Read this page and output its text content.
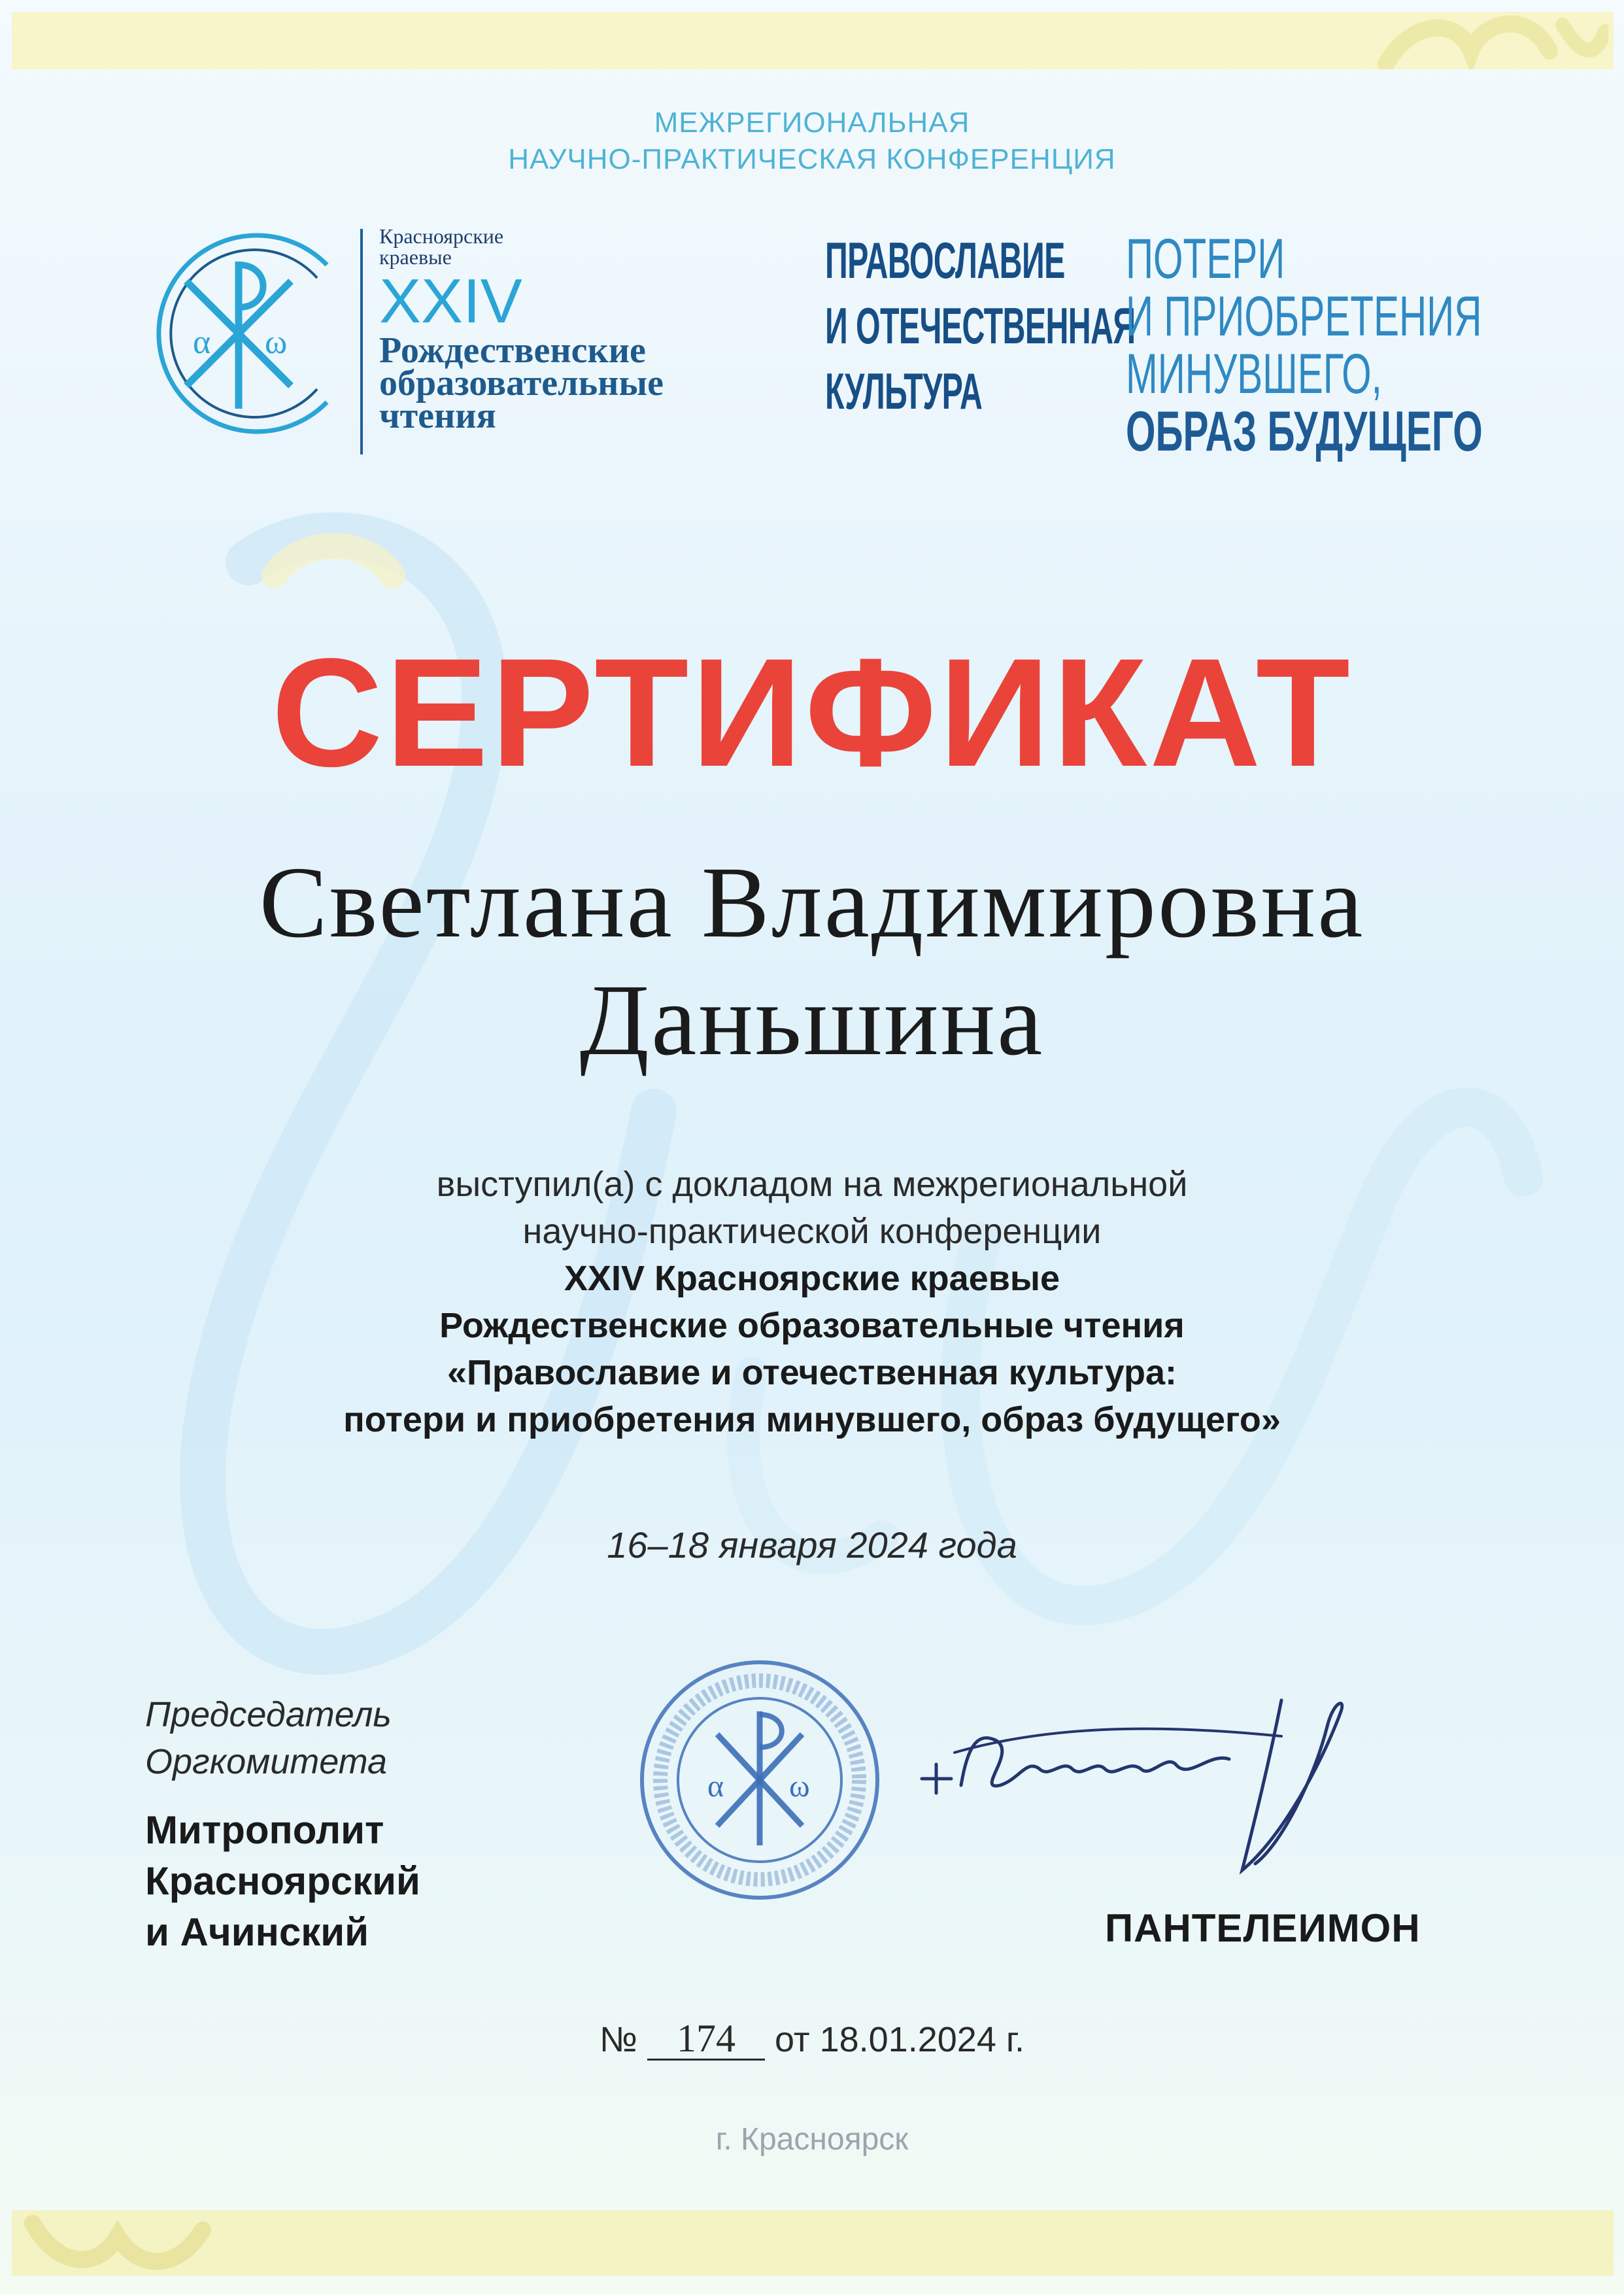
МЕЖРЕГИОНАЛЬНАЯ
НАУЧНО-ПРАКТИЧЕСКАЯ КОНФЕРЕНЦИЯ
α ω
Красноярские
краевые
XXIV
Рождественские
образовательные
чтения
ПРАВОСЛАВИЕ
И ОТЕЧЕСТВЕННАЯ
КУЛЬТУРА
ПОТЕРИ
И ПРИОБРЕТЕНИЯ
МИНУВШЕГО,
ОБРАЗ БУДУЩЕГО
СЕРТИФИКАТ
Светлана Владимировна
Даньшина
выступил(а) с докладом на межрегиональной
научно-практической конференции
XXIV Красноярские краевые
Рождественские образовательные чтения
«Православие и отечественная культура:
потери и приобретения минувшего, образ будущего»
16–18 января 2024 года
Председатель
Оргкомитета
Митрополит
Красноярский
и Ачинский
α ω
ПАНТЕЛЕИМОН
№ 174 от 18.01.2024 г.
г. Красноярск
